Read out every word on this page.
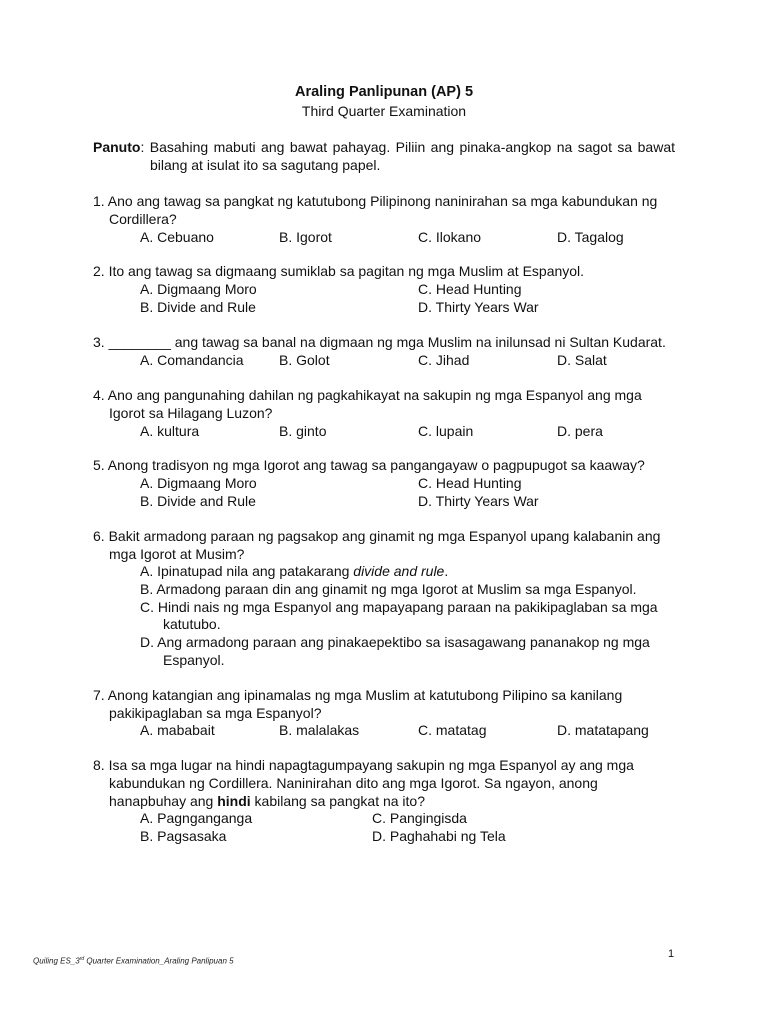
Araling Panlipunan (AP) 5
Third Quarter Examination
Panuto: Basahing mabuti ang bawat pahayag. Piliin ang pinaka-angkop na sagot sa bawat
bilang at isulat ito sa sagutang papel.
1. Ano ang tawag sa pangkat ng katutubong Pilipinong naninirahan sa mga kabundukan ng
Cordillera?
A. Cebuano	B. Igorot	C. Ilokano	D. Tagalog
2. Ito ang tawag sa digmaang sumiklab sa pagitan ng mga Muslim at Espanyol.
A. Digmaang Moro	C. Head Hunting
B. Divide and Rule	D. Thirty Years War
3. ________ ang tawag sa banal na digmaan ng mga Muslim na inilunsad ni Sultan Kudarat.
A. Comandancia	B. Golot	C. Jihad	D. Salat
4. Ano ang pangunahing dahilan ng pagkahikayat na sakupin ng mga Espanyol ang mga
Igorot sa Hilagang Luzon?
A. kultura	B. ginto	C. lupain	D. pera
5. Anong tradisyon ng mga Igorot ang tawag sa pangangayaw o pagpupugot sa kaaway?
A. Digmaang Moro	C. Head Hunting
B. Divide and Rule	D. Thirty Years War
6. Bakit armadong paraan ng pagsakop ang ginamit ng mga Espanyol upang kalabanin ang
mga Igorot at Musim?
A. Ipinatupad nila ang patakarang divide and rule.
B. Armadong paraan din ang ginamit ng mga Igorot at Muslim sa mga Espanyol.
C. Hindi nais ng mga Espanyol ang mapayapang paraan na pakikipaglaban sa mga
katutubo.
D. Ang armadong paraan ang pinakaepektibo sa isasagawang pananakop ng mga
Espanyol.
7. Anong katangian ang ipinamalas ng mga Muslim at katutubong Pilipino sa kanilang
pakikipaglaban sa mga Espanyol?
A. mababait	B. malalakas	C. matatag	D. matatapang
8. Isa sa mga lugar na hindi napagtagumpayang sakupin ng mga Espanyol ay ang mga
kabundukan ng Cordillera. Naninirahan dito ang mga Igorot. Sa ngayon, anong
hanapbuhay ang hindi kabilang sa pangkat na ito?
A. Pagnganganga	C. Pangingisda
B. Pagsasaka	D. Paghahabi ng Tela
Quiling ES_3rd Quarter Examination_Araling Panlipuan 5
1
